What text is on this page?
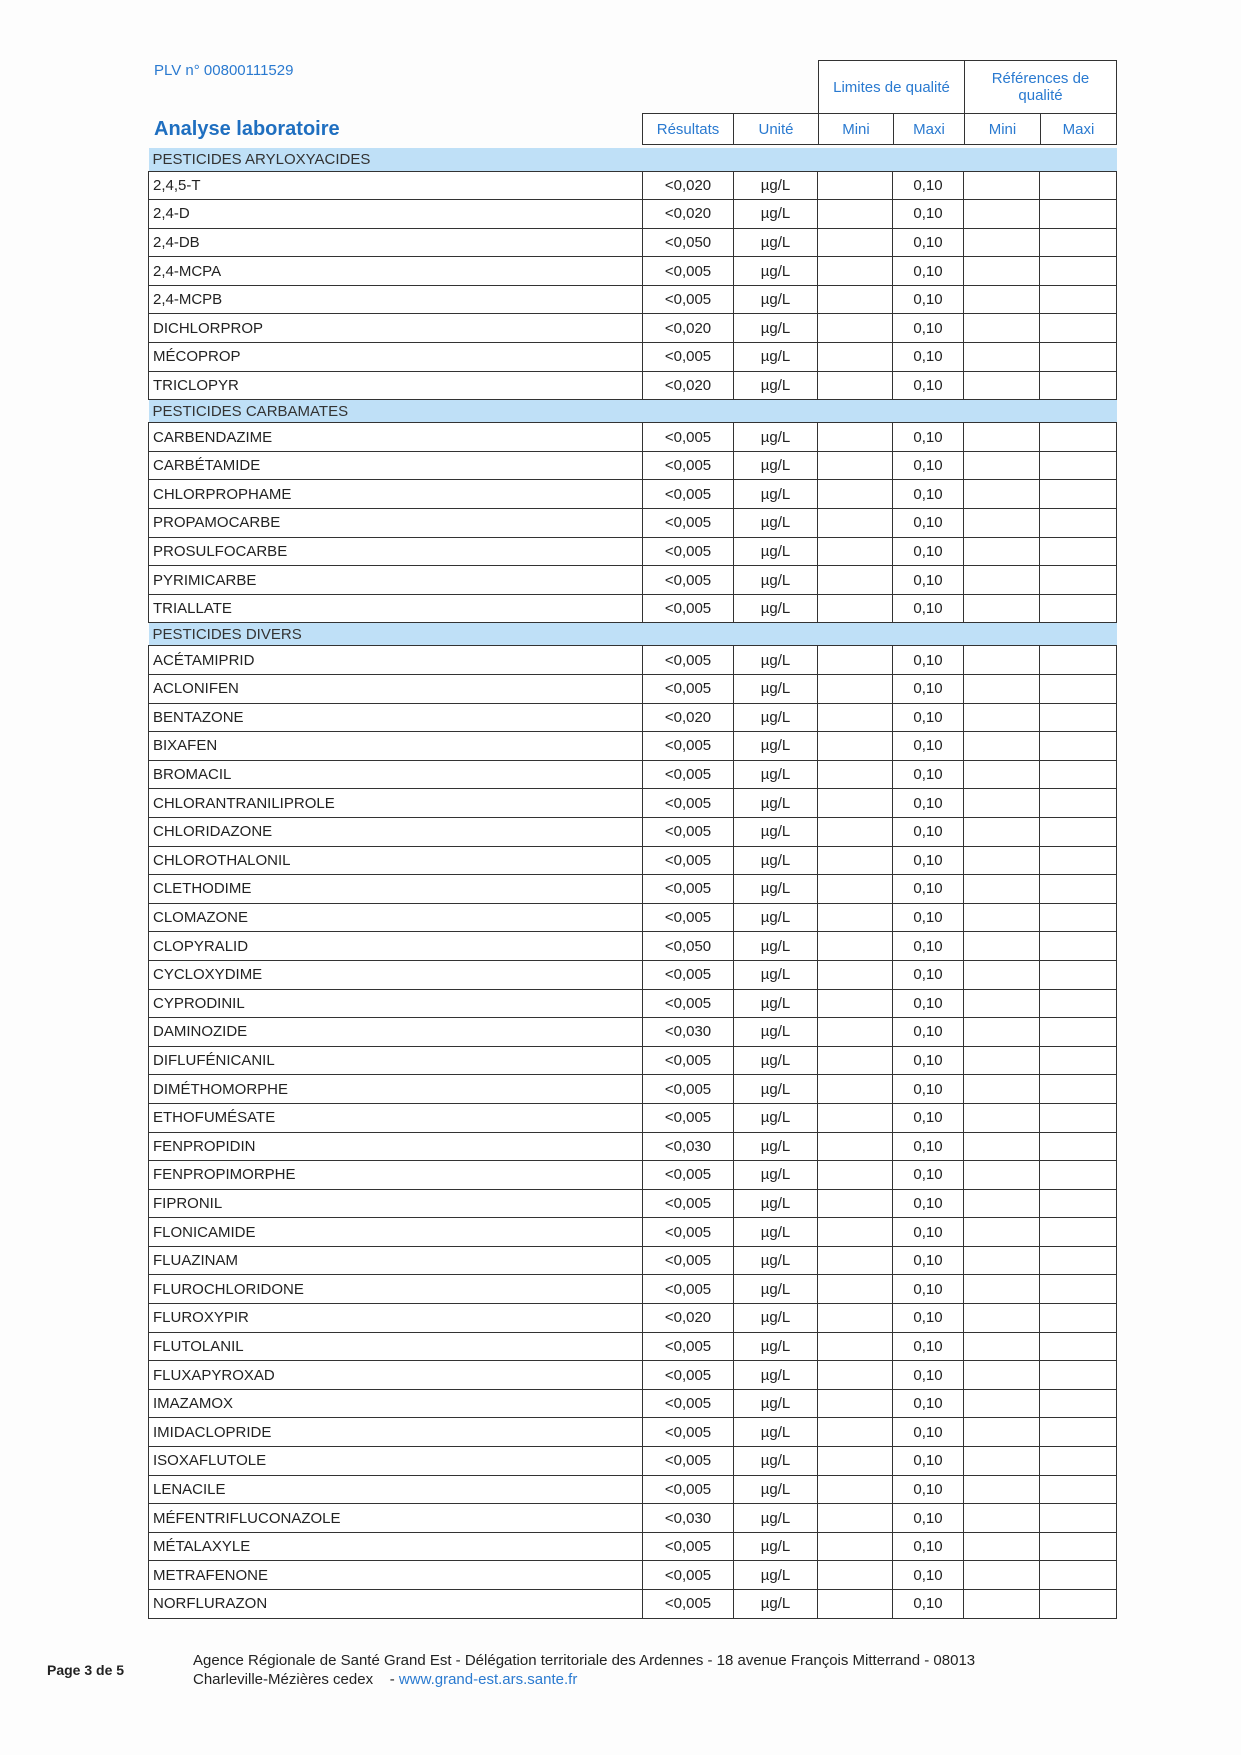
PLV n° 00800111529
Analyse laboratoire
Limites de qualité	Références de qualité
Résultats	Unité	Mini	Maxi	Mini	Maxi
PESTICIDES ARYLOXYACIDES						
2,4,5-T	<0,020	µg/L		0,10		
2,4-D	<0,020	µg/L		0,10		
2,4-DB	<0,050	µg/L		0,10		
2,4-MCPA	<0,005	µg/L		0,10		
2,4-MCPB	<0,005	µg/L		0,10		
DICHLORPROP	<0,020	µg/L		0,10		
MÉCOPROP	<0,005	µg/L		0,10		
TRICLOPYR	<0,020	µg/L		0,10		
PESTICIDES CARBAMATES						
CARBENDAZIME	<0,005	µg/L		0,10		
CARBÉTAMIDE	<0,005	µg/L		0,10		
CHLORPROPHAME	<0,005	µg/L		0,10		
PROPAMOCARBE	<0,005	µg/L		0,10		
PROSULFOCARBE	<0,005	µg/L		0,10		
PYRIMICARBE	<0,005	µg/L		0,10		
TRIALLATE	<0,005	µg/L		0,10		
PESTICIDES DIVERS						
ACÉTAMIPRID	<0,005	µg/L		0,10		
ACLONIFEN	<0,005	µg/L		0,10		
BENTAZONE	<0,020	µg/L		0,10		
BIXAFEN	<0,005	µg/L		0,10		
BROMACIL	<0,005	µg/L		0,10		
CHLORANTRANILIPROLE	<0,005	µg/L		0,10		
CHLORIDAZONE	<0,005	µg/L		0,10		
CHLOROTHALONIL	<0,005	µg/L		0,10		
CLETHODIME	<0,005	µg/L		0,10		
CLOMAZONE	<0,005	µg/L		0,10		
CLOPYRALID	<0,050	µg/L		0,10		
CYCLOXYDIME	<0,005	µg/L		0,10		
CYPRODINIL	<0,005	µg/L		0,10		
DAMINOZIDE	<0,030	µg/L		0,10		
DIFLUFÉNICANIL	<0,005	µg/L		0,10		
DIMÉTHOMORPHE	<0,005	µg/L		0,10		
ETHOFUMÉSATE	<0,005	µg/L		0,10		
FENPROPIDIN	<0,030	µg/L		0,10		
FENPROPIMORPHE	<0,005	µg/L		0,10		
FIPRONIL	<0,005	µg/L		0,10		
FLONICAMIDE	<0,005	µg/L		0,10		
FLUAZINAM	<0,005	µg/L		0,10		
FLUROCHLORIDONE	<0,005	µg/L		0,10		
FLUROXYPIR	<0,020	µg/L		0,10		
FLUTOLANIL	<0,005	µg/L		0,10		
FLUXAPYROXAD	<0,005	µg/L		0,10		
IMAZAMOX	<0,005	µg/L		0,10		
IMIDACLOPRIDE	<0,005	µg/L		0,10		
ISOXAFLUTOLE	<0,005	µg/L		0,10		
LENACILE	<0,005	µg/L		0,10		
MÉFENTRIFLUCONAZOLE	<0,030	µg/L		0,10		
MÉTALAXYLE	<0,005	µg/L		0,10		
METRAFENONE	<0,005	µg/L		0,10		
NORFLURAZON	<0,005	µg/L		0,10		
Page 3 de 5
Agence Régionale de Santé Grand Est - Délégation territoriale des Ardennes - 18 avenue François Mitterrand - 08013
Charleville-Mézières cedex    - www.grand-est.ars.sante.fr
